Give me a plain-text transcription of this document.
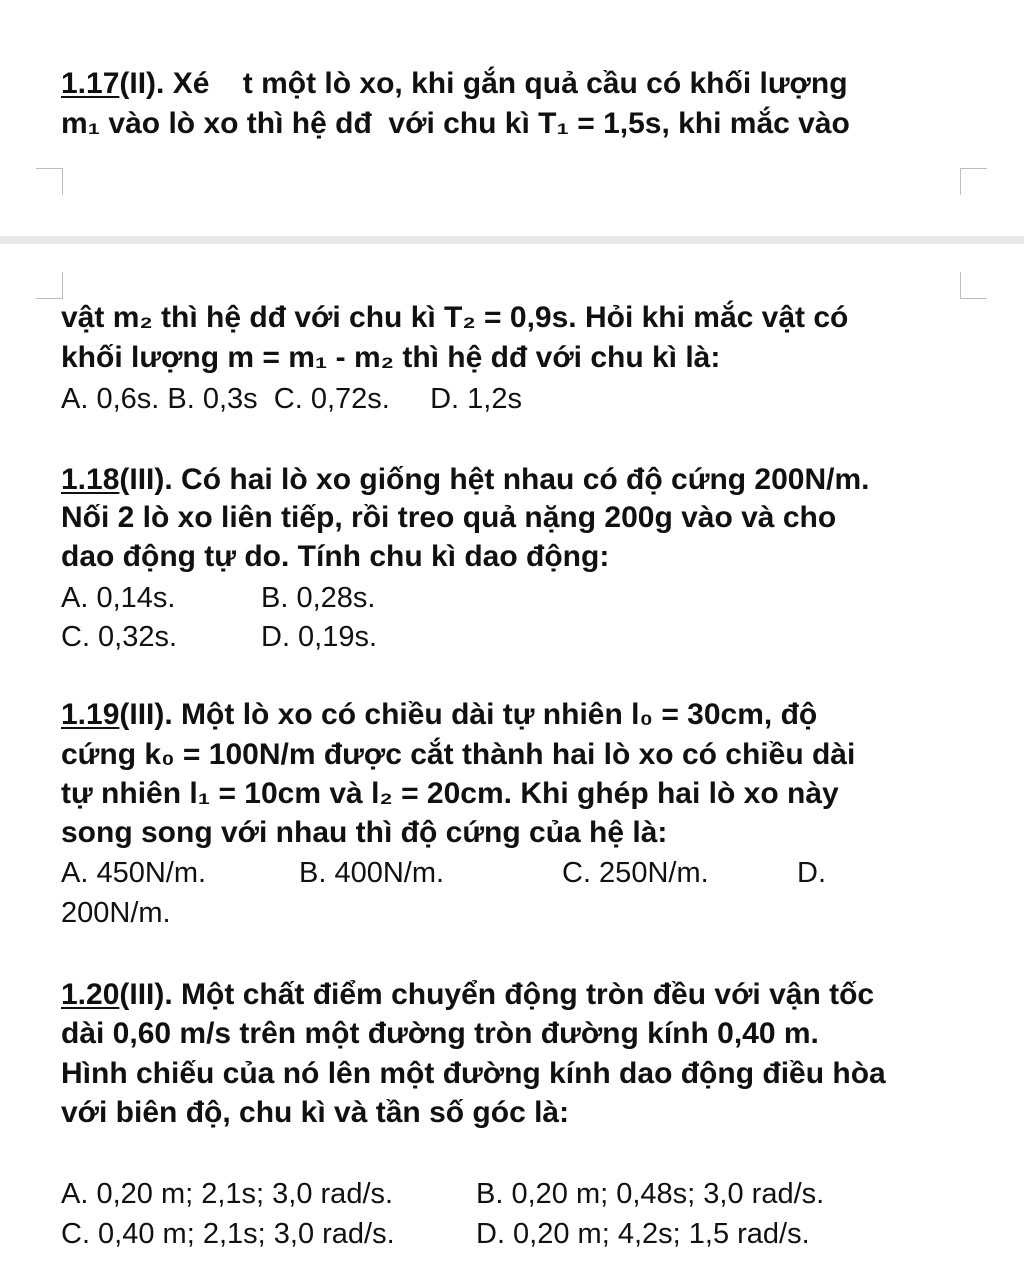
1.17(II). Xé    t một lò xo, khi gắn quả cầu có khối lượng
m₁ vào lò xo thì hệ dđ  với chu kì T₁ = 1,5s, khi mắc vào
vật m₂ thì hệ dđ với chu kì T₂ = 0,9s. Hỏi khi mắc vật có
khối lượng m = m₁ - m₂ thì hệ dđ với chu kì là:
A. 0,6s. B. 0,3s  C. 0,72s.     D. 1,2s
1.18(III). Có hai lò xo giống hệt nhau có độ cứng 200N/m.
Nối 2 lò xo liên tiếp, rồi treo quả nặng 200g vào và cho
dao động tự do. Tính chu kì dao động:
A. 0,14s.	B. 0,28s.
C. 0,32s.	D. 0,19s.
1.19(III). Một lò xo có chiều dài tự nhiên l₀ = 30cm, độ
cứng k₀ = 100N/m được cắt thành hai lò xo có chiều dài
tự nhiên l₁ = 10cm và l₂ = 20cm. Khi ghép hai lò xo này
song song với nhau thì độ cứng của hệ là:
A. 450N/m.	B. 400N/m.	C. 250N/m.	D.
200N/m.
1.20(III). Một chất điểm chuyển động tròn đều với vận tốc
dài 0,60 m/s trên một đường tròn đường kính 0,40 m.
Hình chiếu của nó lên một đường kính dao động điều hòa
với biên độ, chu kì và tần số góc là:
A. 0,20 m; 2,1s; 3,0 rad/s.	B. 0,20 m; 0,48s; 3,0 rad/s.
C. 0,40 m; 2,1s; 3,0 rad/s.	D. 0,20 m; 4,2s; 1,5 rad/s.
